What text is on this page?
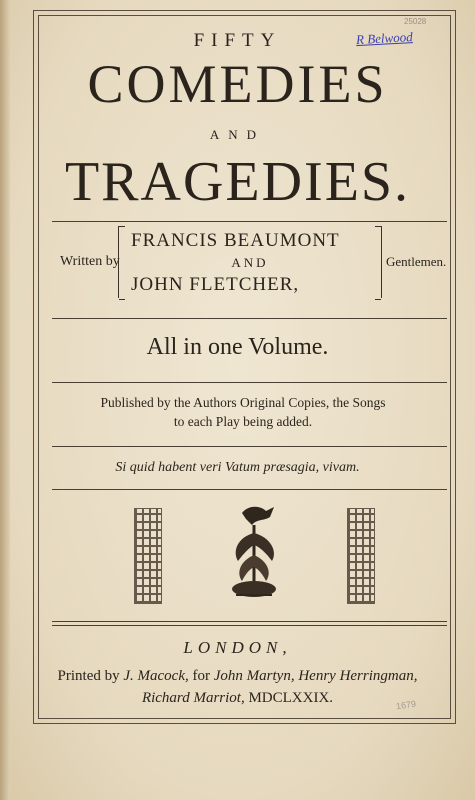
25028
R Belwood
FIFTY
COMEDIES
AND
TRAGEDIES.
Written by
FRANCIS BEAUMONT
AND
JOHN FLETCHER,
Gentlemen.
All in one Volume.
Published by the Authors Original Copies, the Songs
to each Play being added.
Si quid habent veri Vatum præsagia, vivam.
LONDON,
Printed by J. Macock, for John Martyn, Henry Herringman,
Richard Marriot, MDCLXXIX.	1679
